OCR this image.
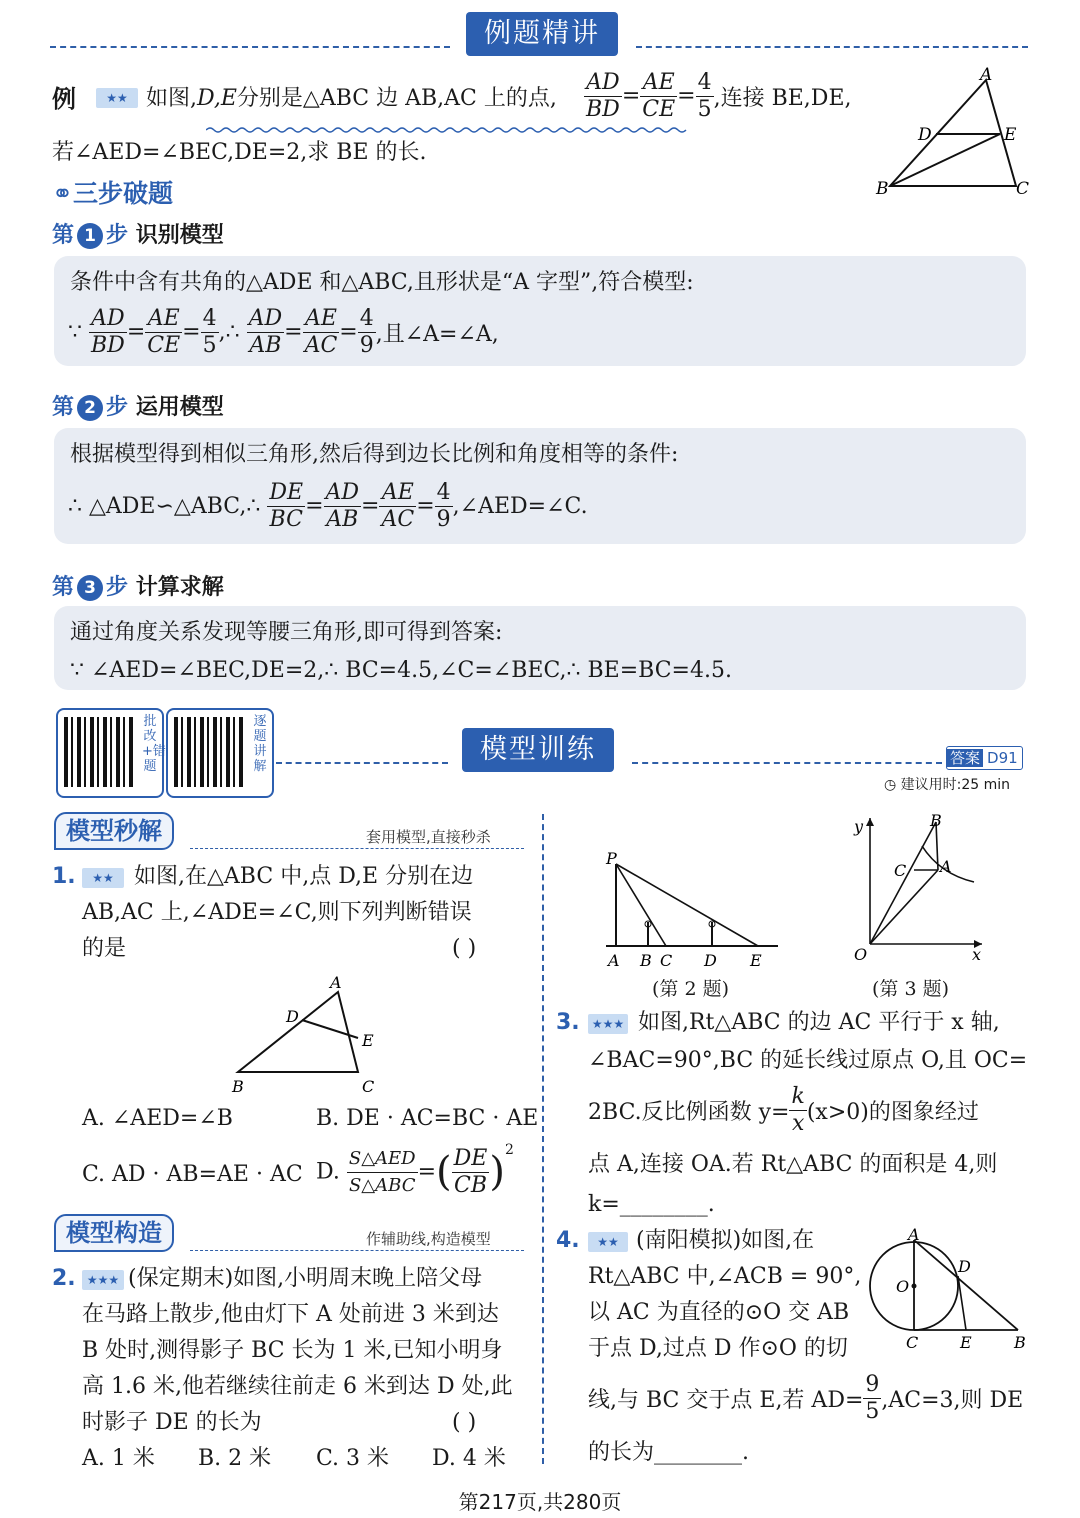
例题精讲
例	★★ 如图,D,E分别是△ABC 边 AB,AC 上的点, $\frac{AD}{BD} = \frac{AE}{CE} = \frac{4}{5}$ ,连接 BE,DE,
若∠AED=∠BEC,DE=2,求 BE 的长.
A
D	E
B	C
⚭三步破题
第 1 步 识别模型
条件中含有共角的△ADE 和△ABC,且形状是“A 字型”,符合模型:
∵ $\frac{AD}{BD} = \frac{AE}{CE} = \frac{4}{5}$ ,∴ $\frac{AD}{AB} = \frac{AE}{AC} = \frac{4}{9}$ ,且∠A=∠A,
第 2 步 运用模型
根据模型得到相似三角形,然后得到边长比例和角度相等的条件:
∴ △ADE∽△ABC,∴ $\frac{DE}{BC} = \frac{AD}{AB} = \frac{AE}{AC} = \frac{4}{9}$ ,∠AED=∠C.
第 3 步 计算求解
通过角度关系发现等腰三角形,即可得到答案:
∵ ∠AED=∠BEC,DE=2,∴ BC=4.5,∠C=∠BEC,∴ BE=BC=4.5.
批改+错题
逐题讲解
模型训练	答案 D91
◷ 建议用时:25 min
模型秒解	套用模型,直接秒杀
1.	★★ 如图,在△ABC 中,点 D,E 分别在边
AB,AC 上,∠ADE=∠C,则下列判断错误
的是	( )
A
D
E
B	C
A. ∠AED=∠B	B. DE · AC=BC · AE
C. AD · AB=AE · AC D. $\frac{\text{S△AED}}{\text{S△ABC}}$ =( $\frac{DE}{CB} )^2$
模型构造	作辅助线,构造模型
2. ★★★ (保定期末)如图,小明周末晚上陪父母
在马路上散步,他由灯下 A 处前进 3 米到达
B 处时,测得影子 BC 长为 1 米,已知小明身
高 1.6 米,他若继续往前走 6 米到达 D 处,此
时影子 DE 的长为	( )
A. 1 米 B. 2 米 C. 3 米 D. 4 米
P
A B C D E
(第 2 题)
y
O	x
B
C A
(第 3 题)
3.	★★★ 如图,Rt△ABC 的边 AC 平行于 x 轴,
∠BAC=90°,BC 的延长线过原点 O,且 OC=
2BC.反比例函数 $y= \frac{k}{x} (x>0)$的图象经过
点 A,连接 OA.若 Rt△ABC 的面积是 4,则
k=________.
4.	★★ (南阳模拟)如图,在
Rt△ABC 中,∠ACB = 90°,
以 AC 为直径的⊙O 交 AB
于点 D,过点 D 作⊙O 的切
线,与 BC 交于点 E,若 $AD= \frac{9}{5} ,AC=3$,则 DE
的长为________.
A
O
D
C	E	B
第217页,共280页
